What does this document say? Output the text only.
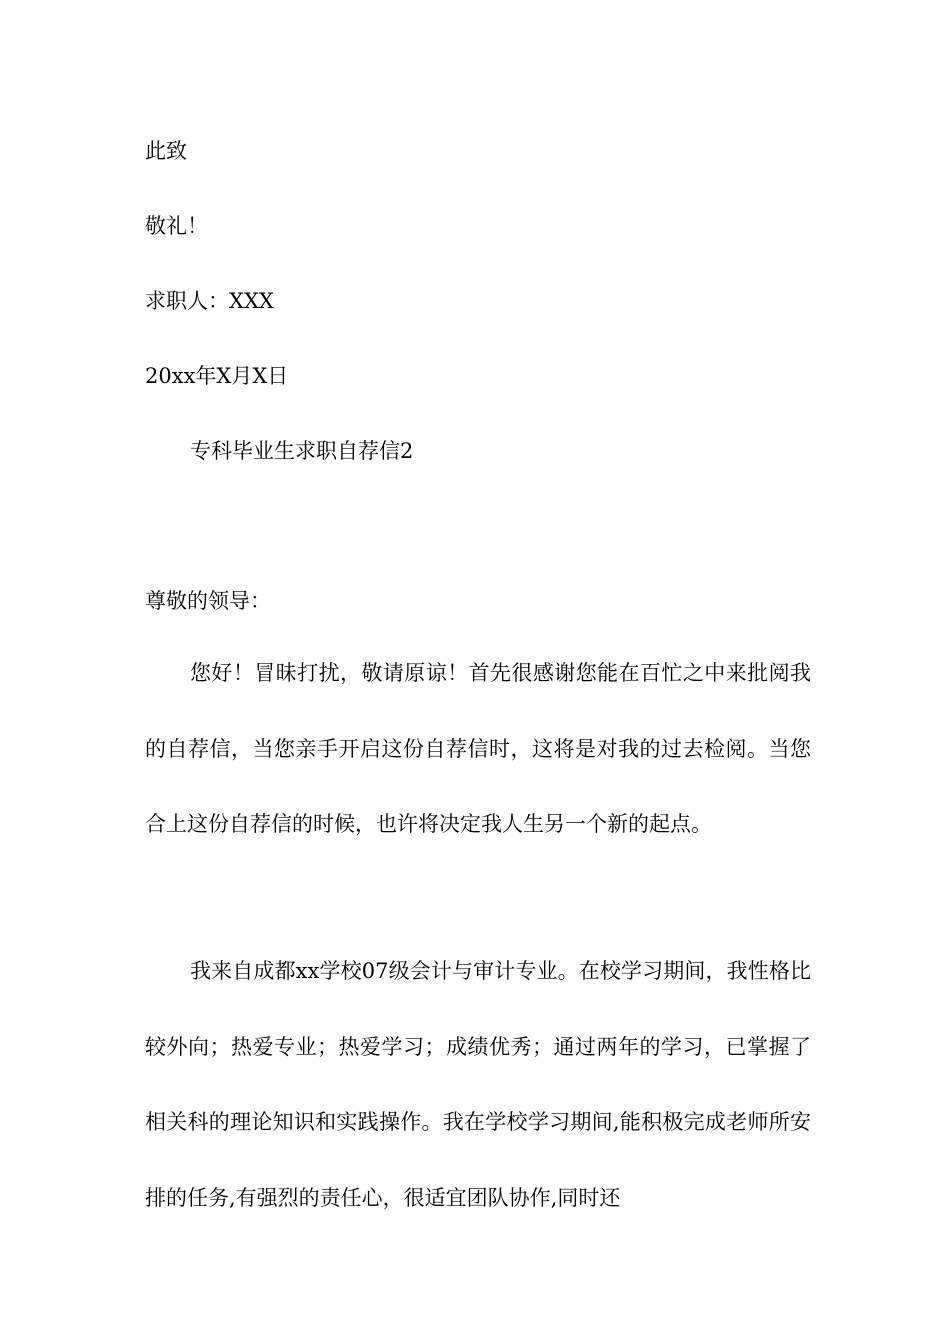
此致

敬礼！

求职人：XXX

20xx年X月X日

专科毕业生求职自荐信2

尊敬的领导：

您好！冒昧打扰，敬请原谅！首先很感谢您能在百忙之中来批阅我的自荐信，当您亲手开启这份自荐信时，这将是对我的过去检阅。当您合上这份自荐信的时候，也许将决定我人生另一个新的起点。

我来自成都xx学校07级会计与审计专业。在校学习期间，我性格比较外向；热爱专业；热爱学习；成绩优秀；通过两年的学习，已掌握了相关科的理论知识和实践操作。我在学校学习期间,能积极完成老师所安排的任务,有强烈的责任心，很适宜团队协作,同时还
